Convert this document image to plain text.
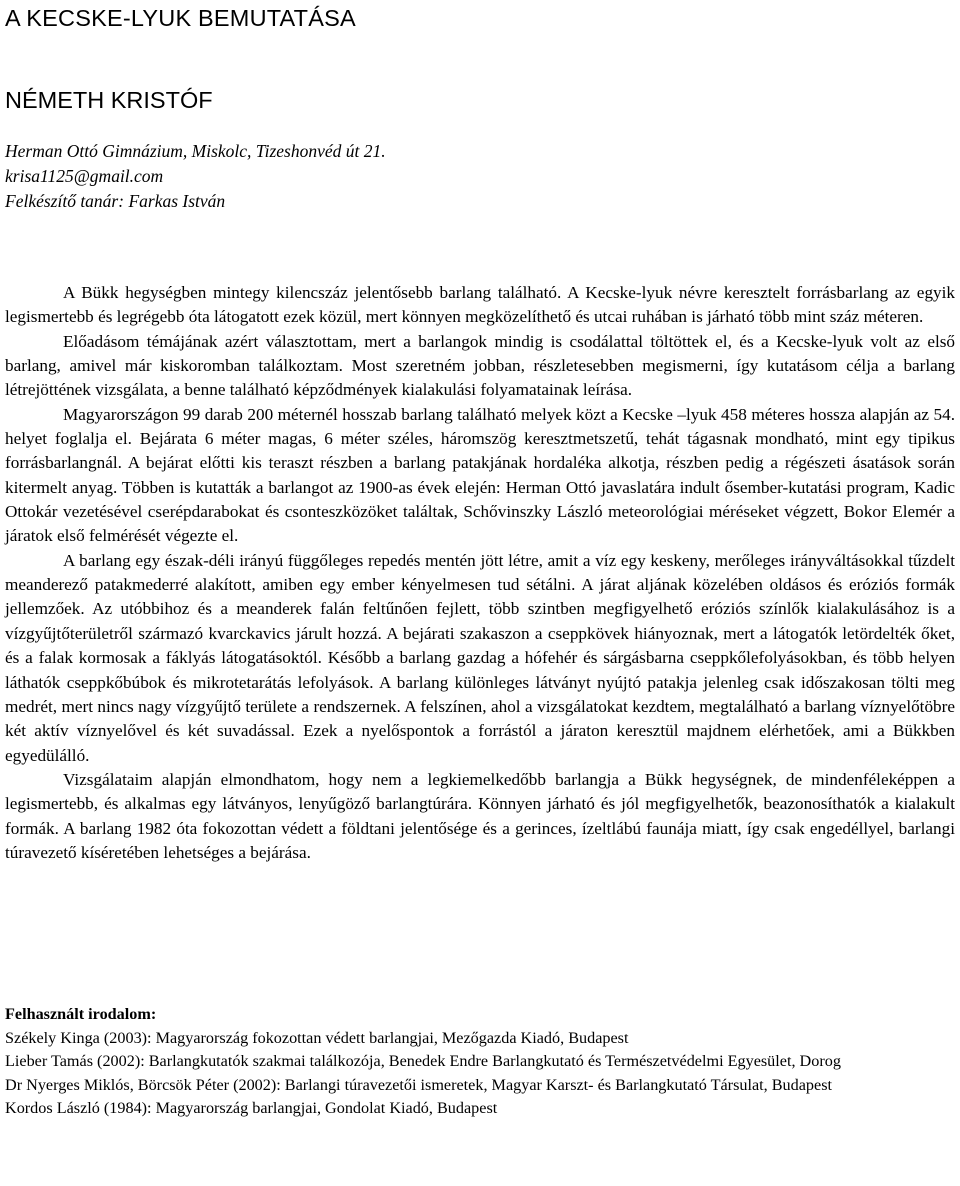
A KECSKE-LYUK BEMUTATÁSA
NÉMETH KRISTÓF
Herman Ottó Gimnázium, Miskolc, Tizeshonvéd út 21.
krisa1125@gmail.com
Felkészítő tanár: Farkas István

A Bükk hegységben mintegy kilencszáz jelentősebb barlang található. A Kecske-lyuk névre keresztelt forrásbarlang az egyik legismertebb és legrégebb óta látogatott ezek közül, mert könnyen megközelíthető és utcai ruhában is járható több mint száz méteren.

Előadásom témájának azért választottam, mert a barlangok mindig is csodálattal töltöttek el, és a Kecske-lyuk volt az első barlang, amivel már kiskoromban találkoztam. Most szeretném jobban, részletesebben megismerni, így kutatásom célja a barlang létrejöttének vizsgálata, a benne található képződmények kialakulási folyamatainak leírása.

Magyarországon 99 darab 200 méternél hosszab barlang található melyek közt a Kecske –lyuk 458 méteres hossza alapján az 54. helyet foglalja el. Bejárata 6 méter magas, 6 méter széles, háromszög keresztmetszetű, tehát tágasnak mondható, mint egy tipikus forrásbarlangnál. A bejárat előtti kis teraszt részben a barlang patakjának hordaléka alkotja, részben pedig a régészeti ásatások során kitermelt anyag. Többen is kutatták a barlangot az 1900-as évek elején: Herman Ottó javaslatára indult ősember-kutatási program, Kadic Ottokár vezetésével cserépdarabokat és csonteszközöket találtak, Schővinszky László meteorológiai méréseket végzett, Bokor Elemér a járatok első felmérését végezte el.

A barlang egy észak-déli irányú függőleges repedés mentén jött létre, amit a víz egy keskeny, merőleges irányváltásokkal tűzdelt meanderező patakmederré alakított, amiben egy ember kényelmesen tud sétálni. A járat aljának közelében oldásos és eróziós formák jellemzőek. Az utóbbihoz és a meanderek falán feltűnően fejlett, több szintben megfigyelhető eróziós színlők kialakulásához is a vízgyűjtőterületről származó kvarckavics járult hozzá. A bejárati szakaszon a cseppkövek hiányoznak, mert a látogatók letördelték őket, és a falak kormosak a fáklyás látogatásoktól. Később a barlang gazdag a hófehér és sárgásbarna cseppkőlefolyásokban, és több helyen láthatók cseppkőbúbok és mikrotetarátás lefolyások. A barlang különleges látványt nyújtó patakja jelenleg csak időszakosan tölti meg medrét, mert nincs nagy vízgyűjtő területe a rendszernek. A felszínen, ahol a vizsgálatokat kezdtem, megtalálható a barlang víznyelőtöbre két aktív víznyelővel és két suvadással. Ezek a nyelőspontok a forrástól a járaton keresztül majdnem elérhetőek, ami a Bükkben egyedülálló.

Vizsgálataim alapján elmondhatom, hogy nem a legkiemelkedőbb barlangja a Bükk hegységnek, de mindenféleképpen a legismertebb, és alkalmas egy látványos, lenyűgöző barlangtúrára. Könnyen járható és jól megfigyelhetők, beazonosíthatók a kialakult formák. A barlang 1982 óta fokozottan védett a földtani jelentősége és a gerinces, ízeltlábú faunája miatt, így csak engedéllyel, barlangi túravezető kíséretében lehetséges a bejárása.

Felhasznált irodalom:
Székely Kinga (2003): Magyarország fokozottan védett barlangjai, Mezőgazda Kiadó, Budapest
Lieber Tamás (2002): Barlangkutatók szakmai találkozója, Benedek Endre Barlangkutató és Természetvédelmi Egyesület, Dorog
Dr Nyerges Miklós, Börcsök Péter (2002): Barlangi túravezetői ismeretek, Magyar Karszt- és Barlangkutató Társulat, Budapest
Kordos László (1984): Magyarország barlangjai, Gondolat Kiadó, Budapest
